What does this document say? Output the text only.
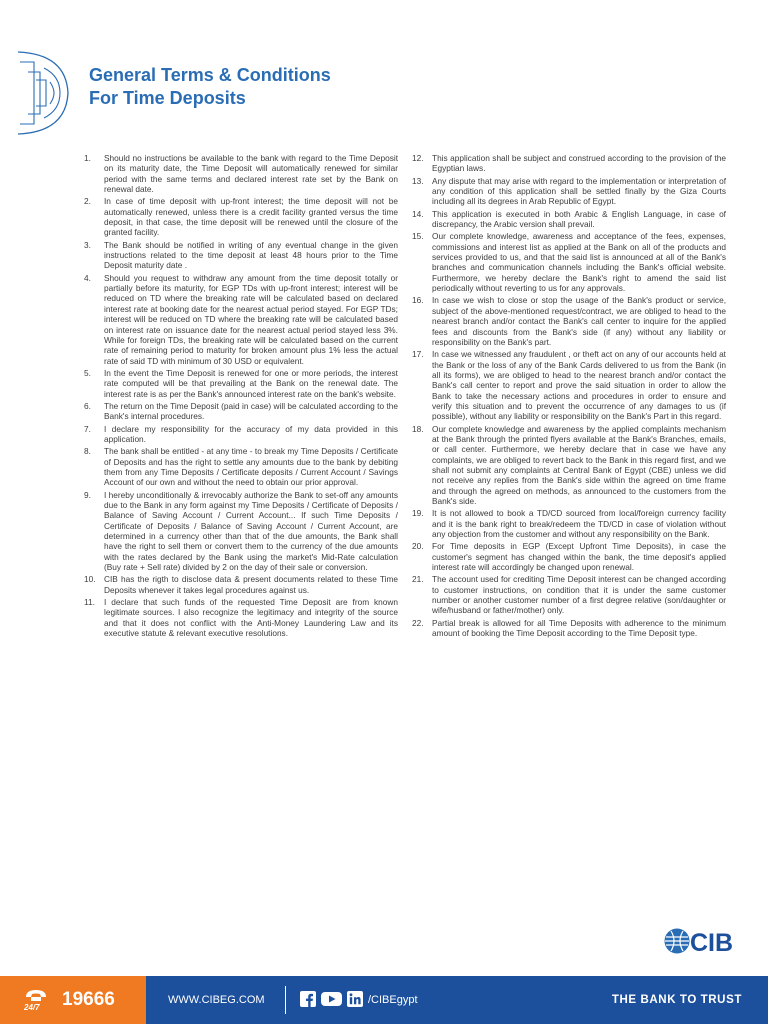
General Terms & Conditions
For Time Deposits
1.	Should no instructions be available to the bank with regard to the Time Deposit on its maturity date, the Time Deposit will automatically renewed for similar period with the same terms and declared interest rate set by the Bank on renewal date.
2.	In case of time deposit with up-front interest; the time deposit will not be automatically renewed, unless there is a credit facility granted versus the time deposit, in that case, the time deposit will be renewed until the closure of the granted facility.
3.	The Bank should be notified in writing of any eventual change in the given instructions related to the time deposit at least 48 hours prior to the Time Deposit maturity date .
4.	Should you request to withdraw any amount from the time deposit totally or partially before its maturity, for EGP TDs with up-front interest; interest will be reduced on TD where the breaking rate will be calculated based on declared interest rate at booking date for the nearest actual period stayed. For EGP TDs; interest will be reduced on TD where the breaking rate will be calculated based on interest rate on issuance date for the nearest actual period stayed less 3%. While for foreign TDs, the breaking rate will be calculated based on the current rate of remaining period to maturity for broken amount plus 1% less the actual rate of said TD with minimum of 30 USD or equivalent.
5.	In the event the Time Deposit is renewed for one or more periods, the interest rate computed will be that prevailing at the Bank on the renewal date. The interest rate is as per the Bank's announced interest rate on the bank's website.
6.	The return on the Time Deposit (paid in case) will be calculated according to the Bank's internal procedures.
7.	I declare my responsibility for the accuracy of my data provided in this application.
8.	The bank shall be entitled - at any time - to break my Time Deposits / Certificate of Deposits and has the right to settle any amounts due to the bank by debiting them from any Time Deposits / Certificate deposits / Current Account / Savings Account of our own and without the need to obtain our prior approval.
9.	I hereby unconditionally & irrevocably authorize the Bank to set-off any amounts due to the Bank in any form against my Time Deposits / Certificate of Deposits / Balance of Saving Account / Current Account... If such Time Deposits / Certificate of Deposits / Balance of Saving Account / Current Account, are determined in a currency other than that of the due amounts, the Bank shall have the right to sell them or convert them to the currency of the due amounts with the rates declared by the Bank using the market's Mid-Rate calculation (Buy rate + Sell rate) divided by 2 on the day of their sale or conversion.
10.	CIB has the rigth to disclose data & present documents related to these Time Deposits whenever it takes legal procedures against us.
11.	I declare that such funds of the requested Time Deposit are from known legitimate sources. I also recognize the legitimacy and integrity of the source and that it does not conflict with the Anti-Money Laundering Law and its executive statute & relevant executive resolutions.
12.	This application shall be subject and construed according to the provision of the Egyptian laws.
13.	Any dispute that may arise with regard to the implementation or interpretation of any condition of this application shall be settled finally by the Giza Courts including all its degrees in Arab Republic of Egypt.
14.	This application is executed in both Arabic & English Language, in case of discrepancy, the Arabic version shall prevail.
15.	Our complete knowledge, awareness and acceptance of the fees, expenses, commissions and interest list as applied at the Bank on all of the products and services provided to us, and that the said list is announced at all of the Bank's branches and communication channels including the Bank's official website. Furthermore, we hereby declare the Bank's right to amend the said list periodically without reverting to us for any approvals.
16.	In case we wish to close or stop the usage of the Bank's product or service, subject of the above-mentioned request/contract, we are obliged to head to the nearest branch and/or contact the Bank's call center to inquire for the applied fees and discounts from the Bank's side (if any) without any liability or responsibility on the Bank's part.
17.	In case we witnessed any fraudulent , or theft act on any of our accounts held at the Bank or the loss of any of the Bank Cards delivered to us from the Bank (in all its forms), we are obliged to head to the nearest branch and/or contact the Bank's call center to report and prove the said situation in order to allow the Bank to take the necessary actions and procedures in order to ensure and verify this situation and to prevent the occurrence of any damages to us (if possible), without any liability or responsibility on the Bank's Part in this regard.
18.	Our complete knowledge and awareness by the applied complaints mechanism at the Bank through the printed flyers available at the Bank's Branches, emails, or call center. Furthermore, we hereby declare that in case we have any complaints, we are obliged to revert back to the Bank in this regard first, and we shall not submit any complaints at Central Bank of Egypt (CBE) unless we did not receive any replies from the Bank's side within the agreed on time frame and through the agreed on methods, as announced to the customers from the Bank's side.
19.	It is not allowed to book a TD/CD sourced from local/foreign currency facility and it is the bank right to break/redeem the TD/CD in case of violation without any objection from the customer and without any responsibility on the Bank.
20.	For Time deposits in EGP (Except Upfront Time Deposits), in case the customer's segment has changed within the bank, the time deposit's applied interest rate will accordingly be changed upon renewal.
21.	The account used for crediting Time Deposit interest can be changed according to customer instructions, on condition that it is under the same customer number or another customer number of a first degree relative (son/daughter or wife/husband or father/mother) only.
22.	Partial break is allowed for all Time Deposits with adherence to the minimum amount of booking the Time Deposit according to the Time Deposit type.
CIB
24/7 19666	WWW.CIBEG.COM	/CIBEgypt	THE BANK TO TRUST
